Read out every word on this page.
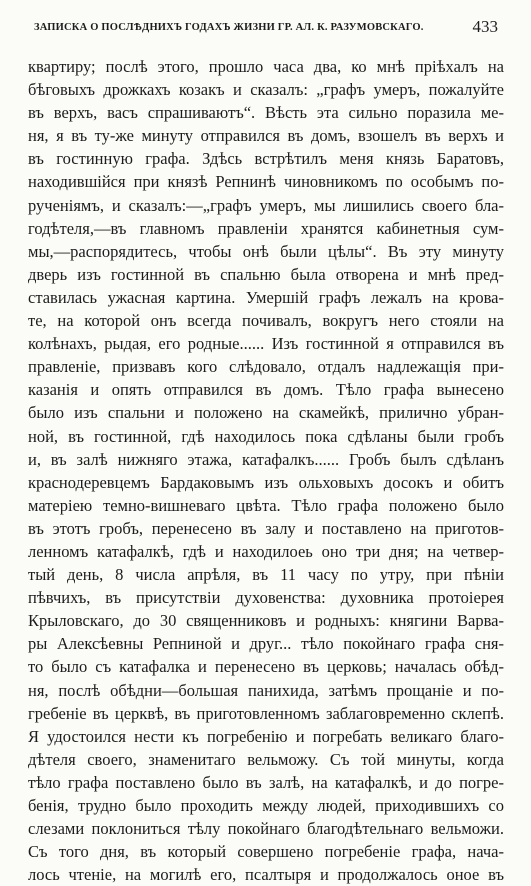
ЗАПИСКА О ПОСЛѢДНИХЪ ГОДАХЪ ЖИЗНИ ГР. АЛ. К. РАЗУМОВСКАГО.	433
квартиру; послѣ этого, прошло часа два, ко мнѣ пріѣхалъ на
бѣговыхъ дрожкахъ козакъ и сказалъ: „графъ умеръ, пожалуйте
въ верхъ, васъ спрашиваютъ“. Вѣсть эта сильно поразила ме-
ня, я въ ту-же минуту отправился въ домъ, взошелъ въ верхъ и
въ гостинную графа. Здѣсь встрѣтилъ меня князь Баратовъ,
находившійся при князѣ Репнинѣ чиновникомъ по особымъ по-
рученіямъ, и сказалъ:—„графъ умеръ, мы лишились своего бла-
годѣтеля,—въ главномъ правленіи хранятся кабинетныя сум-
мы,—распорядитесь, чтобы онѣ были цѣлы“. Въ эту минуту
дверь изъ гостинной въ спальню была отворена и мнѣ пред-
ставилась ужасная картина. Умершій графъ лежалъ на крова-
те, на которой онъ всегда почивалъ, вокругъ него стояли на
колѣнахъ, рыдая, его родные...... Изъ гостинной я отправился въ
правленіе, призвавъ кого слѣдовало, отдалъ надлежащія при-
казанія и опять отправился въ домъ. Тѣло графа вынесено
было изъ спальни и положено на скамейкѣ, прилично убран-
ной, въ гостинной, гдѣ находилось пока сдѣланы были гробъ
и, въ залѣ нижняго этажа, катафалкъ...... Гробъ былъ сдѣланъ
краснодеревцемъ Бардаковымъ изъ ольховыхъ досокъ и обитъ
матеріею темно-вишневаго цвѣта. Тѣло графа положено было
въ этотъ гробъ, перенесено въ залу и поставлено на приготов-
ленномъ катафалкѣ, гдѣ и находилоеь оно три дня; на четвер-
тый день, 8 числа апрѣля, въ 11 часу по утру, при пѣніи
пѣвчихъ, въ присутствіи духовенства: духовника протоіерея
Крыловскаго, до 30 священниковъ и родныхъ: княгини Варва-
ры Алексѣевны Репниной и друг... тѣло покойнаго графа сня-
то было съ катафалка и перенесено въ церковь; началась обѣд-
ня, послѣ обѣдни—большая панихида, затѣмъ прощаніе и по-
гребеніе въ церквѣ, въ приготовленномъ заблаговременно склепѣ.
Я удостоился нести къ погребенію и погребать великаго благо-
дѣтеля своего, знаменитаго вельможу. Съ той минуты, когда
тѣло графа поставлено было въ залѣ, на катафалкѣ, и до погре-
бенія, трудно было проходить между людей, приходившихъ со
слезами поклониться тѣлу покойнаго благодѣтельнаго вельможи.
Съ того дня, въ который совершено погребеніе графа, нача-
лось чтеніе, на могилѣ его, псалтыря и продолжалось оное въ
